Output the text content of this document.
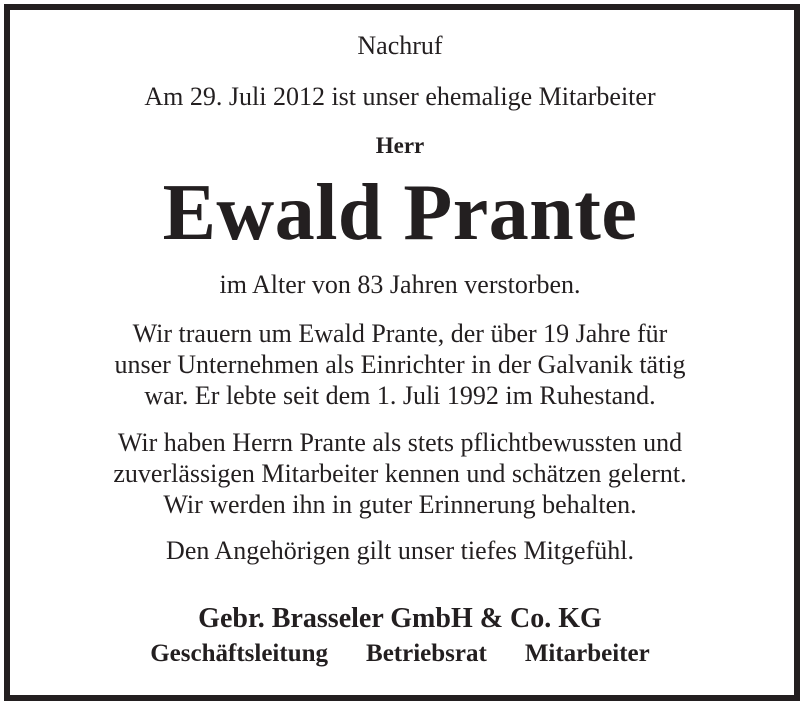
Nachruf
Am 29. Juli 2012 ist unser ehemalige Mitarbeiter
Herr
Ewald Prante
im Alter von 83 Jahren verstorben.
Wir trauern um Ewald Prante, der über 19 Jahre für
unser Unternehmen als Einrichter in der Galvanik tätig
war. Er lebte seit dem 1. Juli 1992 im Ruhestand.
Wir haben Herrn Prante als stets pflichtbewussten und
zuverlässigen Mitarbeiter kennen und schätzen gelernt.
Wir werden ihn in guter Erinnerung behalten.
Den Angehörigen gilt unser tiefes Mitgefühl.
Gebr. Brasseler GmbH & Co. KG
Geschäftsleitung Betriebsrat Mitarbeiter
